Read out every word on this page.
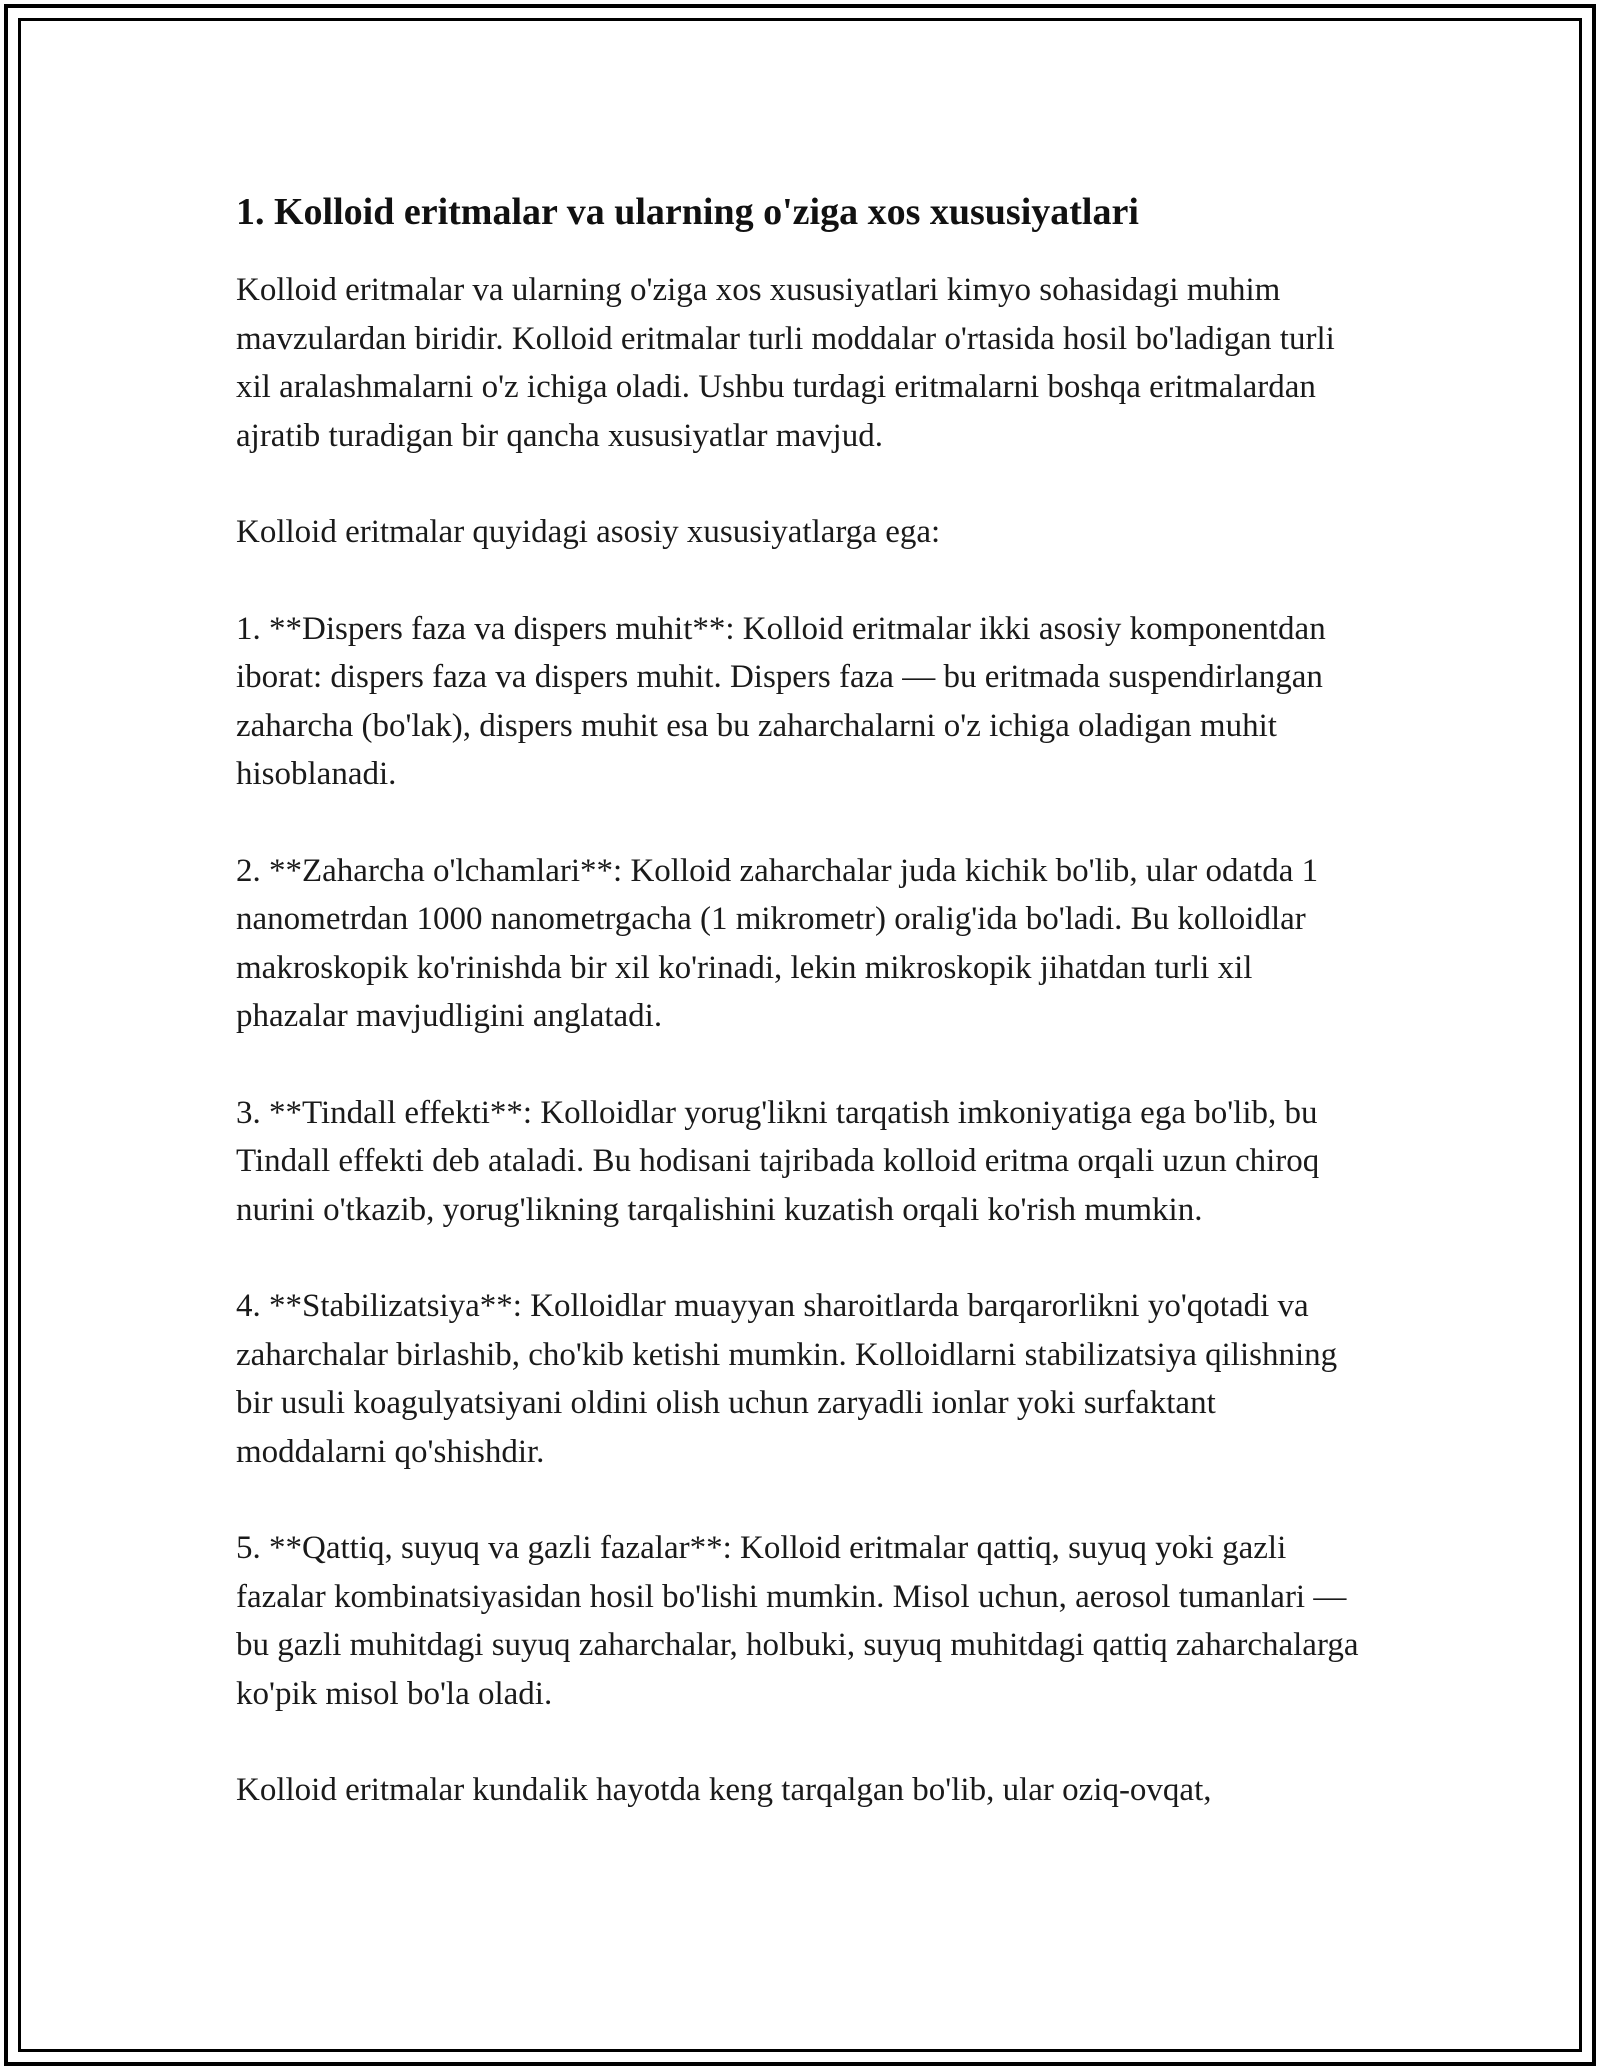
1. Kolloid eritmalar va ularning o'ziga xos xususiyatlari

Kolloid eritmalar va ularning o'ziga xos xususiyatlari kimyo sohasidagi muhim mavzulardan biridir. Kolloid eritmalar turli moddalar o'rtasida hosil bo'ladigan turli xil aralashmalarni o'z ichiga oladi. Ushbu turdagi eritmalarni boshqa eritmalardan ajratib turadigan bir qancha xususiyatlar mavjud.

Kolloid eritmalar quyidagi asosiy xususiyatlarga ega:

1. **Dispers faza va dispers muhit**: Kolloid eritmalar ikki asosiy komponentdan iborat: dispers faza va dispers muhit. Dispers faza — bu eritmada suspendirlangan zaharcha (bo'lak), dispers muhit esa bu zaharchalarni o'z ichiga oladigan muhit hisoblanadi.

2. **Zaharcha o'lchamlari**: Kolloid zaharchalar juda kichik bo'lib, ular odatda 1 nanometrdan 1000 nanometrgacha (1 mikrometr) oralig'ida bo'ladi. Bu kolloidlar makroskopik ko'rinishda bir xil ko'rinadi, lekin mikroskopik jihatdan turli xil phazalar mavjudligini anglatadi.

3. **Tindall effekti**: Kolloidlar yorug'likni tarqatish imkoniyatiga ega bo'lib, bu Tindall effekti deb ataladi. Bu hodisani tajribada kolloid eritma orqali uzun chiroq nurini o'tkazib, yorug'likning tarqalishini kuzatish orqali ko'rish mumkin.

4. **Stabilizatsiya**: Kolloidlar muayyan sharoitlarda barqarorlikni yo'qotadi va zaharchalar birlashib, cho'kib ketishi mumkin. Kolloidlarni stabilizatsiya qilishning bir usuli koagulyatsiyani oldini olish uchun zaryadli ionlar yoki surfaktant moddalarni qo'shishdir.

5. **Qattiq, suyuq va gazli fazalar**: Kolloid eritmalar qattiq, suyuq yoki gazli fazalar kombinatsiyasidan hosil bo'lishi mumkin. Misol uchun, aerosol tumanlari — bu gazli muhitdagi suyuq zaharchalar, holbuki, suyuq muhitdagi qattiq zaharchalarga ko'pik misol bo'la oladi.

Kolloid eritmalar kundalik hayotda keng tarqalgan bo'lib, ular oziq-ovqat,
